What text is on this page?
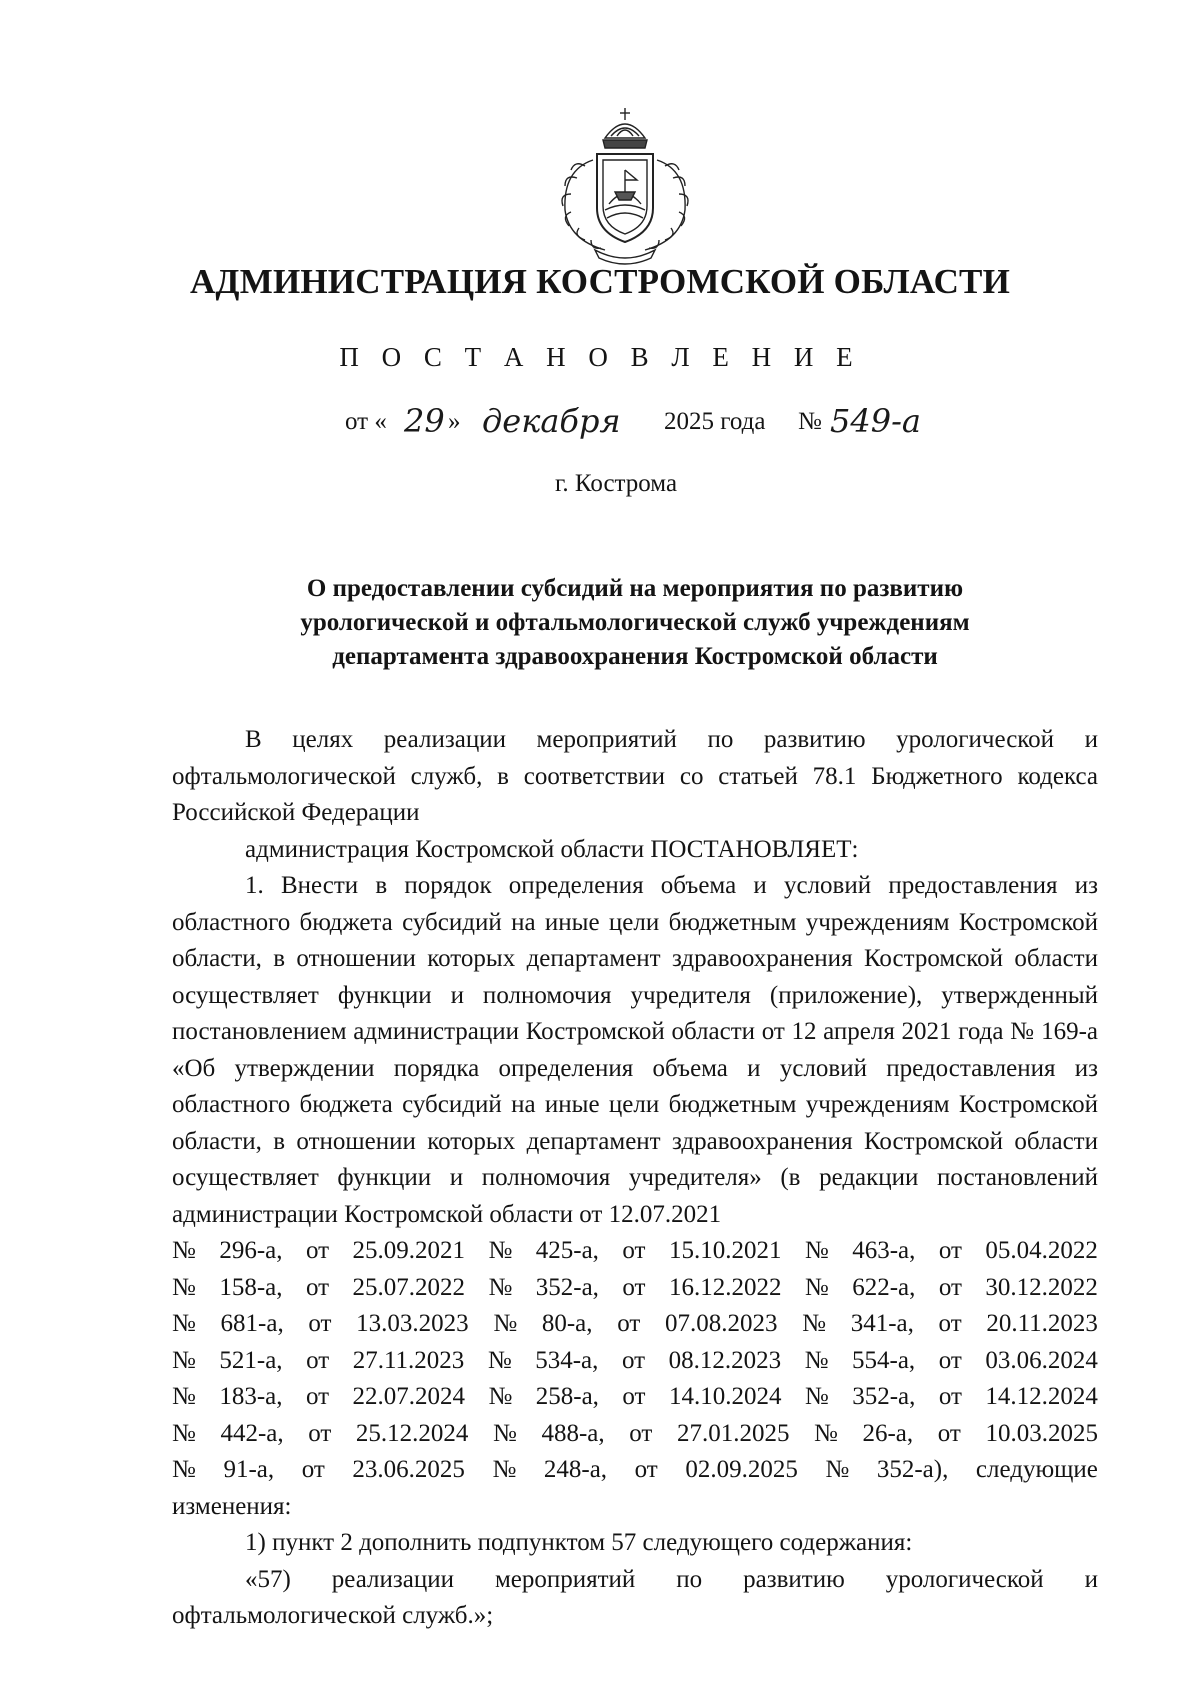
АДМИНИСТРАЦИЯ КОСТРОМСКОЙ ОБЛАСТИ
П О С Т А Н О В Л Е Н И Е
от « 29 » декабря 2025 года № 549-а
г. Кострома
О предоставлении субсидий на мероприятия по развитию
урологической и офтальмологической служб учреждениям
департамента здравоохранения Костромской области

В целях реализации мероприятий по развитию урологической и офтальмологической служб, в соответствии со статьей 78.1 Бюджетного кодекса Российской Федерации

администрация Костромской области ПОСТАНОВЛЯЕТ:

1. Внести в порядок определения объема и условий предоставления из областного бюджета субсидий на иные цели бюджетным учреждениям Костромской области, в отношении которых департамент здравоохранения Костромской области осуществляет функции и полномочия учредителя (приложение), утвержденный постановлением администрации Костромской области от 12 апреля 2021 года № 169-а «Об утверждении порядка определения объема и условий предоставления из областного бюджета субсидий на иные цели бюджетным учреждениям Костромской области, в отношении которых департамент здравоохранения Костромской области осуществляет функции и полномочия учредителя» (в редакции постановлений администрации Костромской области от 12.07.2021

№ 296-а, от 25.09.2021 № 425-а, от 15.10.2021 № 463-а, от 05.04.2022
№ 158-а, от 25.07.2022 № 352-а, от 16.12.2022 № 622-а, от 30.12.2022
№ 681-а, от 13.03.2023 № 80-а, от 07.08.2023 № 341-а, от 20.11.2023
№ 521-а, от 27.11.2023 № 534-а, от 08.12.2023 № 554-а, от 03.06.2024
№ 183-а, от 22.07.2024 № 258-а, от 14.10.2024 № 352-а, от 14.12.2024
№ 442-а, от 25.12.2024 № 488-а, от 27.01.2025 № 26-а, от 10.03.2025
№ 91-а, от 23.06.2025 № 248-а, от 02.09.2025 № 352-а), следующие
изменения:

1) пункт 2 дополнить подпунктом 57 следующего содержания:

«57) реализации мероприятий по развитию урологической и офтальмологической служб.»;
